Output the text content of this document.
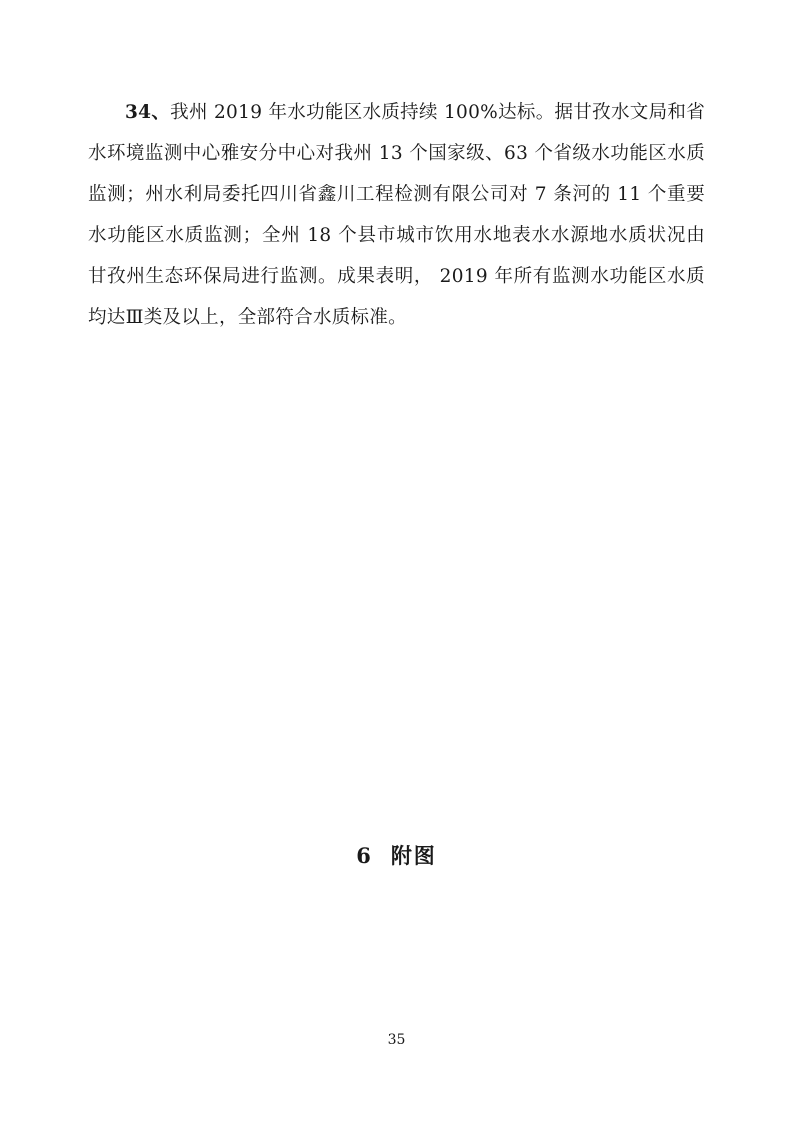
34、我州 2019 年水功能区水质持续 100%达标。据甘孜水文局和省水环境监测中心雅安分中心对我州 13 个国家级、63 个省级水功能区水质监测；州水利局委托四川省鑫川工程检测有限公司对 7 条河的 11 个重要水功能区水质监测；全州 18 个县市城市饮用水地表水水源地水质状况由甘孜州生态环保局进行监测。成果表明， 2019 年所有监测水功能区水质均达Ⅲ类及以上，全部符合水质标准。

6 附图
35
